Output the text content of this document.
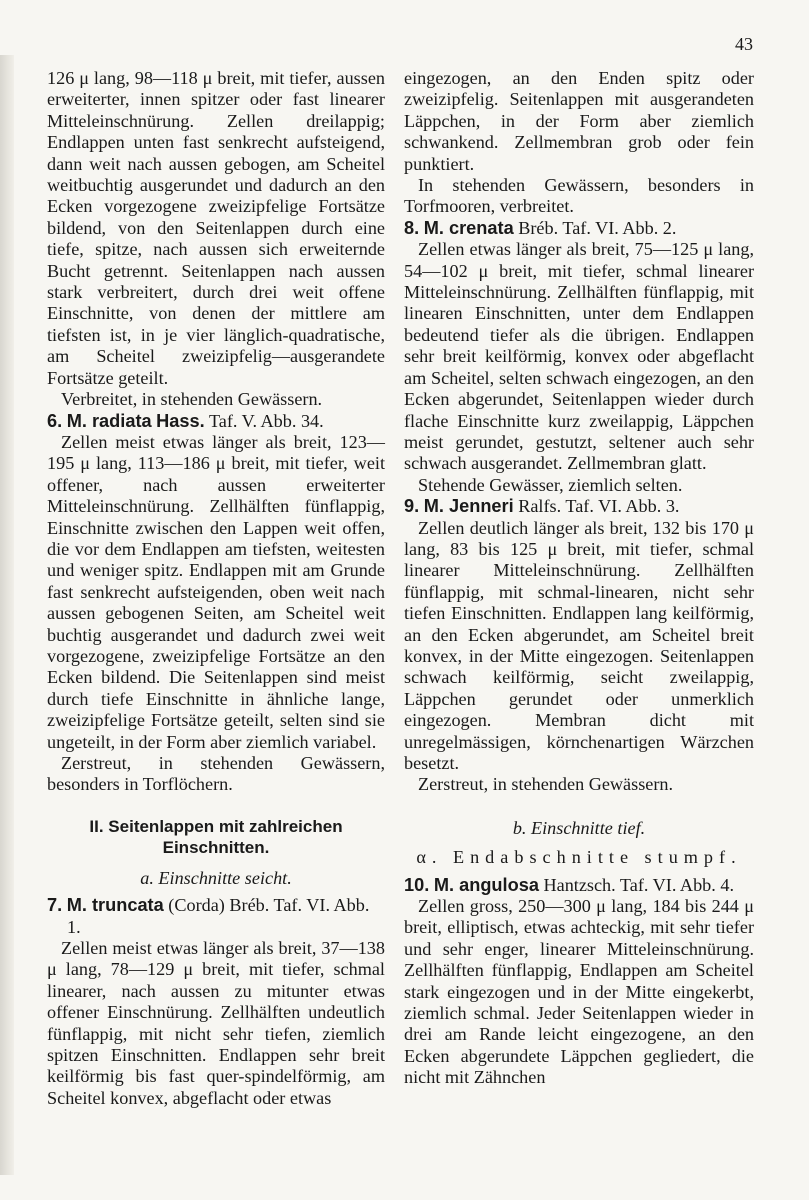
43

126 μ lang, 98—118 μ breit, mit tiefer, aussen erweiterter, innen spitzer oder fast linearer Mitteleinschnürung. Zellen dreilappig; Endlappen unten fast senkrecht aufsteigend, dann weit nach aussen gebogen, am Scheitel weitbuchtig ausgerundet und dadurch an den Ecken vorgezogene zweizipfelige Fortsätze bildend, von den Seitenlappen durch eine tiefe, spitze, nach aussen sich erweiternde Bucht getrennt. Seitenlappen nach aussen stark verbreitert, durch drei weit offene Einschnitte, von denen der mittlere am tiefsten ist, in je vier länglich-quadratische, am Scheitel zweizipfelig—ausgerandete Fortsätze geteilt.

Verbreitet, in stehenden Gewässern.

6. M. radiata Hass. Taf. V. Abb. 34.

Zellen meist etwas länger als breit, 123—195 μ lang, 113—186 μ breit, mit tiefer, weit offener, nach aussen erweiterter Mitteleinschnürung. Zellhälften fünflappig, Einschnitte zwischen den Lappen weit offen, die vor dem Endlappen am tiefsten, weitesten und weniger spitz. Endlappen mit am Grunde fast senkrecht aufsteigenden, oben weit nach aussen gebogenen Seiten, am Scheitel weit buchtig ausgerandet und dadurch zwei weit vorgezogene, zweizipfelige Fortsätze an den Ecken bildend. Die Seitenlappen sind meist durch tiefe Einschnitte in ähnliche lange, zweizipfelige Fortsätze geteilt, selten sind sie ungeteilt, in der Form aber ziemlich variabel.

Zerstreut, in stehenden Gewässern, besonders in Torflöchern.

II. Seitenlappen mit zahlreichen Einschnitten.
a. Einschnitte seicht.

7. M. truncata (Corda) Bréb. Taf. VI. Abb. 1.

Zellen meist etwas länger als breit, 37—138 μ lang, 78—129 μ breit, mit tiefer, schmal linearer, nach aussen zu mitunter etwas offener Einschnürung. Zellhälften undeutlich fünflappig, mit nicht sehr tiefen, ziemlich spitzen Einschnitten. Endlappen sehr breit keilförmig bis fast quer-spindelförmig, am Scheitel konvex, abgeflacht oder etwas

eingezogen, an den Enden spitz oder zweizipfelig. Seitenlappen mit ausgerandeten Läppchen, in der Form aber ziemlich schwankend. Zellmembran grob oder fein punktiert.

In stehenden Gewässern, besonders in Torfmooren, verbreitet.

8. M. crenata Bréb. Taf. VI. Abb. 2.

Zellen etwas länger als breit, 75—125 μ lang, 54—102 μ breit, mit tiefer, schmal linearer Mitteleinschnürung. Zellhälften fünflappig, mit linearen Einschnitten, unter dem Endlappen bedeutend tiefer als die übrigen. Endlappen sehr breit keilförmig, konvex oder abgeflacht am Scheitel, selten schwach eingezogen, an den Ecken abgerundet, Seitenlappen wieder durch flache Einschnitte kurz zweilappig, Läppchen meist gerundet, gestutzt, seltener auch sehr schwach ausgerandet. Zellmembran glatt.

Stehende Gewässer, ziemlich selten.

9. M. Jenneri Ralfs. Taf. VI. Abb. 3.

Zellen deutlich länger als breit, 132 bis 170 μ lang, 83 bis 125 μ breit, mit tiefer, schmal linearer Mitteleinschnürung. Zellhälften fünflappig, mit schmal-linearen, nicht sehr tiefen Einschnitten. Endlappen lang keilförmig, an den Ecken abgerundet, am Scheitel breit konvex, in der Mitte eingezogen. Seitenlappen schwach keilförmig, seicht zweilappig, Läppchen gerundet oder unmerklich eingezogen. Membran dicht mit unregelmässigen, körnchenartigen Wärzchen besetzt.

Zerstreut, in stehenden Gewässern.

b. Einschnitte tief.
α. Endabschnitte stumpf.

10. M. angulosa Hantzsch. Taf. VI. Abb. 4.

Zellen gross, 250—300 μ lang, 184 bis 244 μ breit, elliptisch, etwas achteckig, mit sehr tiefer und sehr enger, linearer Mitteleinschnürung. Zellhälften fünflappig, Endlappen am Scheitel stark eingezogen und in der Mitte eingekerbt, ziemlich schmal. Jeder Seitenlappen wieder in drei am Rande leicht eingezogene, an den Ecken abgerundete Läppchen gegliedert, die nicht mit Zähnchen
